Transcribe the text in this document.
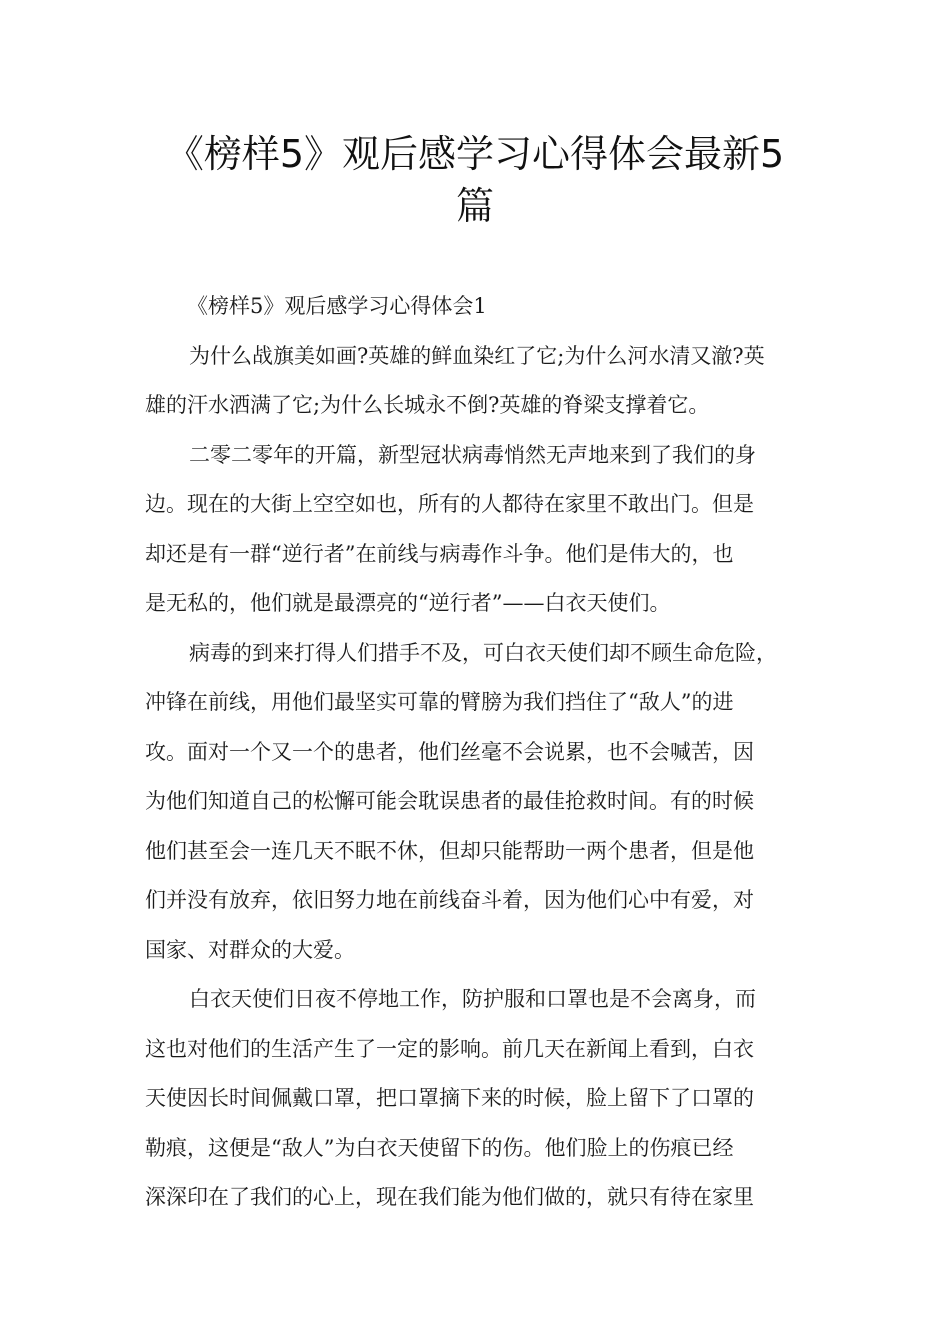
《榜样5》观后感学习心得体会最新5
篇

《榜样5》观后感学习心得体会1

为什么战旗美如画?英雄的鲜血染红了它;为什么河水清又澈?英
雄的汗水洒满了它;为什么长城永不倒?英雄的脊梁支撑着它。

二零二零年的开篇，新型冠状病毒悄然无声地来到了我们的身
边。现在的大街上空空如也，所有的人都待在家里不敢出门。但是
却还是有一群“逆行者”在前线与病毒作斗争。他们是伟大的，也
是无私的，他们就是最漂亮的“逆行者”——白衣天使们。

病毒的到来打得人们措手不及，可白衣天使们却不顾生命危险，
冲锋在前线，用他们最坚实可靠的臂膀为我们挡住了“敌人”的进
攻。面对一个又一个的患者，他们丝毫不会说累，也不会喊苦，因
为他们知道自己的松懈可能会耽误患者的最佳抢救时间。有的时候
他们甚至会一连几天不眠不休，但却只能帮助一两个患者，但是他
们并没有放弃，依旧努力地在前线奋斗着，因为他们心中有爱，对
国家、对群众的大爱。

白衣天使们日夜不停地工作，防护服和口罩也是不会离身，而
这也对他们的生活产生了一定的影响。前几天在新闻上看到，白衣
天使因长时间佩戴口罩，把口罩摘下来的时候，脸上留下了口罩的
勒痕，这便是“敌人”为白衣天使留下的伤。他们脸上的伤痕已经
深深印在了我们的心上，现在我们能为他们做的，就只有待在家里
